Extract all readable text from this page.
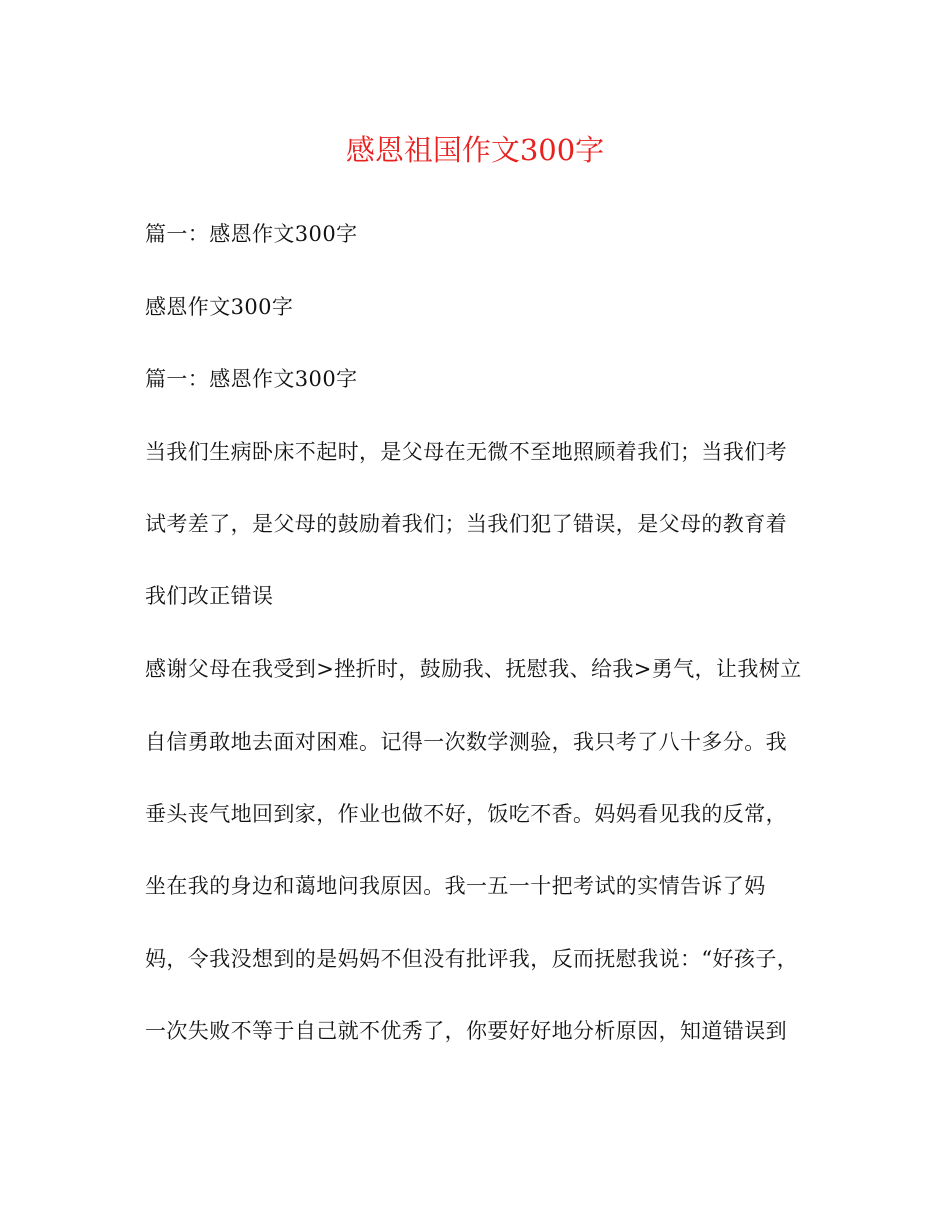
感恩祖国作文300字
篇一：感恩作文300字
感恩作文300字
篇一：感恩作文300字
当我们生病卧床不起时，是父母在无微不至地照顾着我们；当我们考
试考差了，是父母的鼓励着我们；当我们犯了错误，是父母的教育着
我们改正错误
感谢父母在我受到>挫折时，鼓励我、抚慰我、给我>勇气，让我树立
自信勇敢地去面对困难。记得一次数学测验，我只考了八十多分。我
垂头丧气地回到家，作业也做不好，饭吃不香。妈妈看见我的反常，
坐在我的身边和蔼地问我原因。我一五一十把考试的实情告诉了妈
妈，令我没想到的是妈妈不但没有批评我，反而抚慰我说：“好孩子，
一次失败不等于自己就不优秀了，你要好好地分析原因，知道错误到
